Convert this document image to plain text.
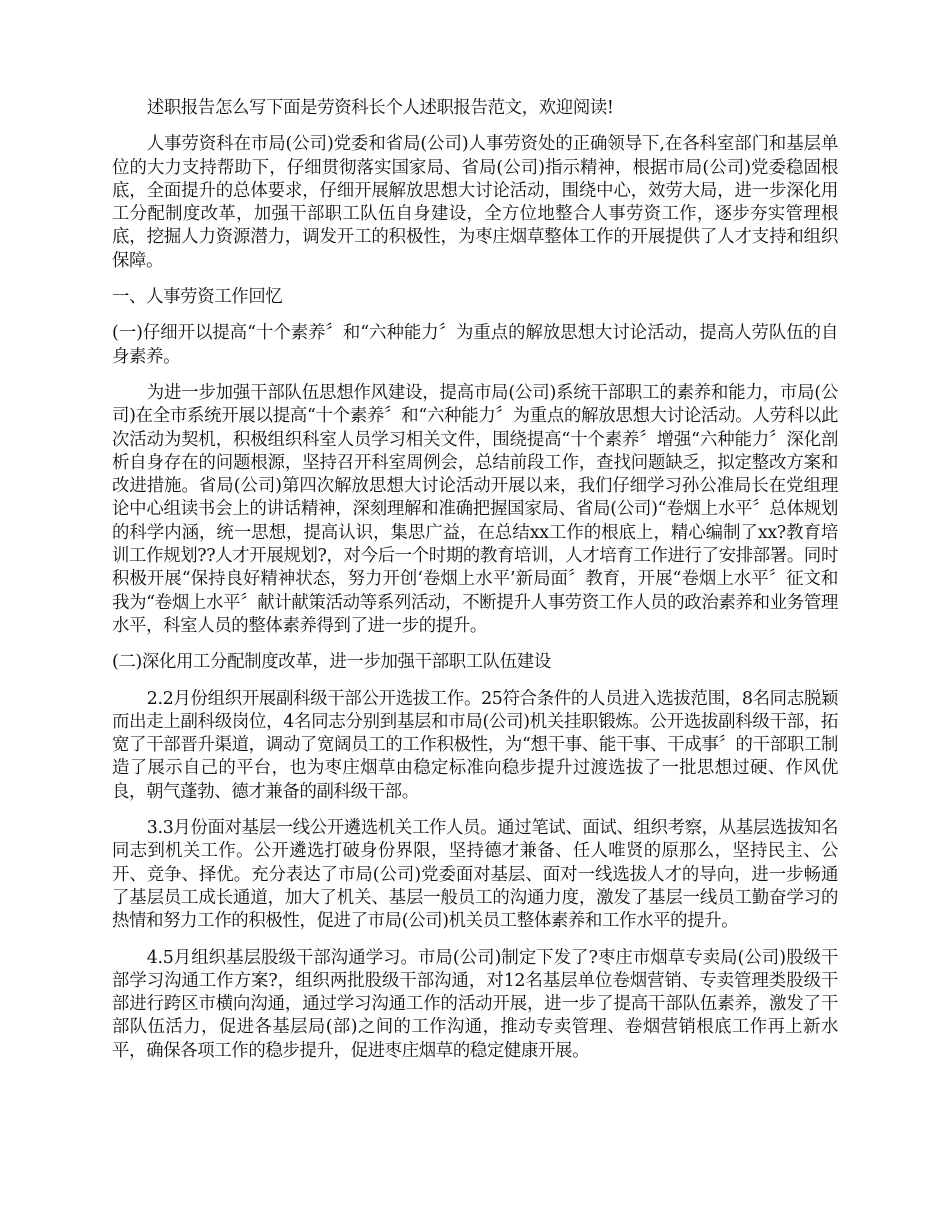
述职报告怎么写下面是劳资科长个人述职报告范文，欢迎阅读!

人事劳资科在市局(公司)党委和省局(公司)人事劳资处的正确领导下,在各科室部门和基层单位的大力支持帮助下，仔细贯彻落实国家局、省局(公司)指示精神，根据市局(公司)党委稳固根底，全面提升的总体要求，仔细开展解放思想大讨论活动，围绕中心，效劳大局，进一步深化用工分配制度改革，加强干部职工队伍自身建设，全方位地整合人事劳资工作，逐步夯实管理根底，挖掘人力资源潜力，调发开工的积极性，为枣庄烟草整体工作的开展提供了人才支持和组织保障。

一、人事劳资工作回忆

(一)仔细开以提高“十个素养〞和“六种能力〞为重点的解放思想大讨论活动，提高人劳队伍的自身素养。

为进一步加强干部队伍思想作风建设，提高市局(公司)系统干部职工的素养和能力，市局(公司)在全市系统开展以提高“十个素养〞和“六种能力〞为重点的解放思想大讨论活动。人劳科以此次活动为契机，积极组织科室人员学习相关文件，围绕提高“十个素养〞增强“六种能力〞深化剖析自身存在的问题根源，坚持召开科室周例会，总结前段工作，查找问题缺乏，拟定整改方案和改进措施。省局(公司)第四次解放思想大讨论活动开展以来，我们仔细学习孙公准局长在党组理论中心组读书会上的讲话精神，深刻理解和准确把握国家局、省局(公司)“卷烟上水平〞总体规划的科学内涵，统一思想，提高认识，集思广益，在总结xx工作的根底上，精心编制了xx?教育培训工作规划??人才开展规划?，对今后一个时期的教育培训，人才培育工作进行了安排部署。同时积极开展“保持良好精神状态，努力开创‘卷烟上水平’新局面〞教育，开展“卷烟上水平〞征文和我为“卷烟上水平〞献计献策活动等系列活动，不断提升人事劳资工作人员的政治素养和业务管理水平，科室人员的整体素养得到了进一步的提升。

(二)深化用工分配制度改革，进一步加强干部职工队伍建设

2.2月份组织开展副科级干部公开选拔工作。25符合条件的人员进入选拔范围，8名同志脱颖而出走上副科级岗位，4名同志分别到基层和市局(公司)机关挂职锻炼。公开选拔副科级干部，拓宽了干部晋升渠道，调动了宽阔员工的工作积极性，为“想干事、能干事、干成事〞的干部职工制造了展示自己的平台，也为枣庄烟草由稳定标准向稳步提升过渡选拔了一批思想过硬、作风优良，朝气蓬勃、德才兼备的副科级干部。

3.3月份面对基层一线公开遴选机关工作人员。通过笔试、面试、组织考察，从基层选拔知名同志到机关工作。公开遴选打破身份界限，坚持德才兼备、任人唯贤的原那么，坚持民主、公开、竞争、择优。充分表达了市局(公司)党委面对基层、面对一线选拔人才的导向，进一步畅通了基层员工成长通道，加大了机关、基层一般员工的沟通力度，激发了基层一线员工勤奋学习的热情和努力工作的积极性，促进了市局(公司)机关员工整体素养和工作水平的提升。

4.5月组织基层股级干部沟通学习。市局(公司)制定下发了?枣庄市烟草专卖局(公司)股级干部学习沟通工作方案?，组织两批股级干部沟通，对12名基层单位卷烟营销、专卖管理类股级干部进行跨区市横向沟通，通过学习沟通工作的活动开展，进一步了提高干部队伍素养，激发了干部队伍活力，促进各基层局(部)之间的工作沟通，推动专卖管理、卷烟营销根底工作再上新水平，确保各项工作的稳步提升，促进枣庄烟草的稳定健康开展。
